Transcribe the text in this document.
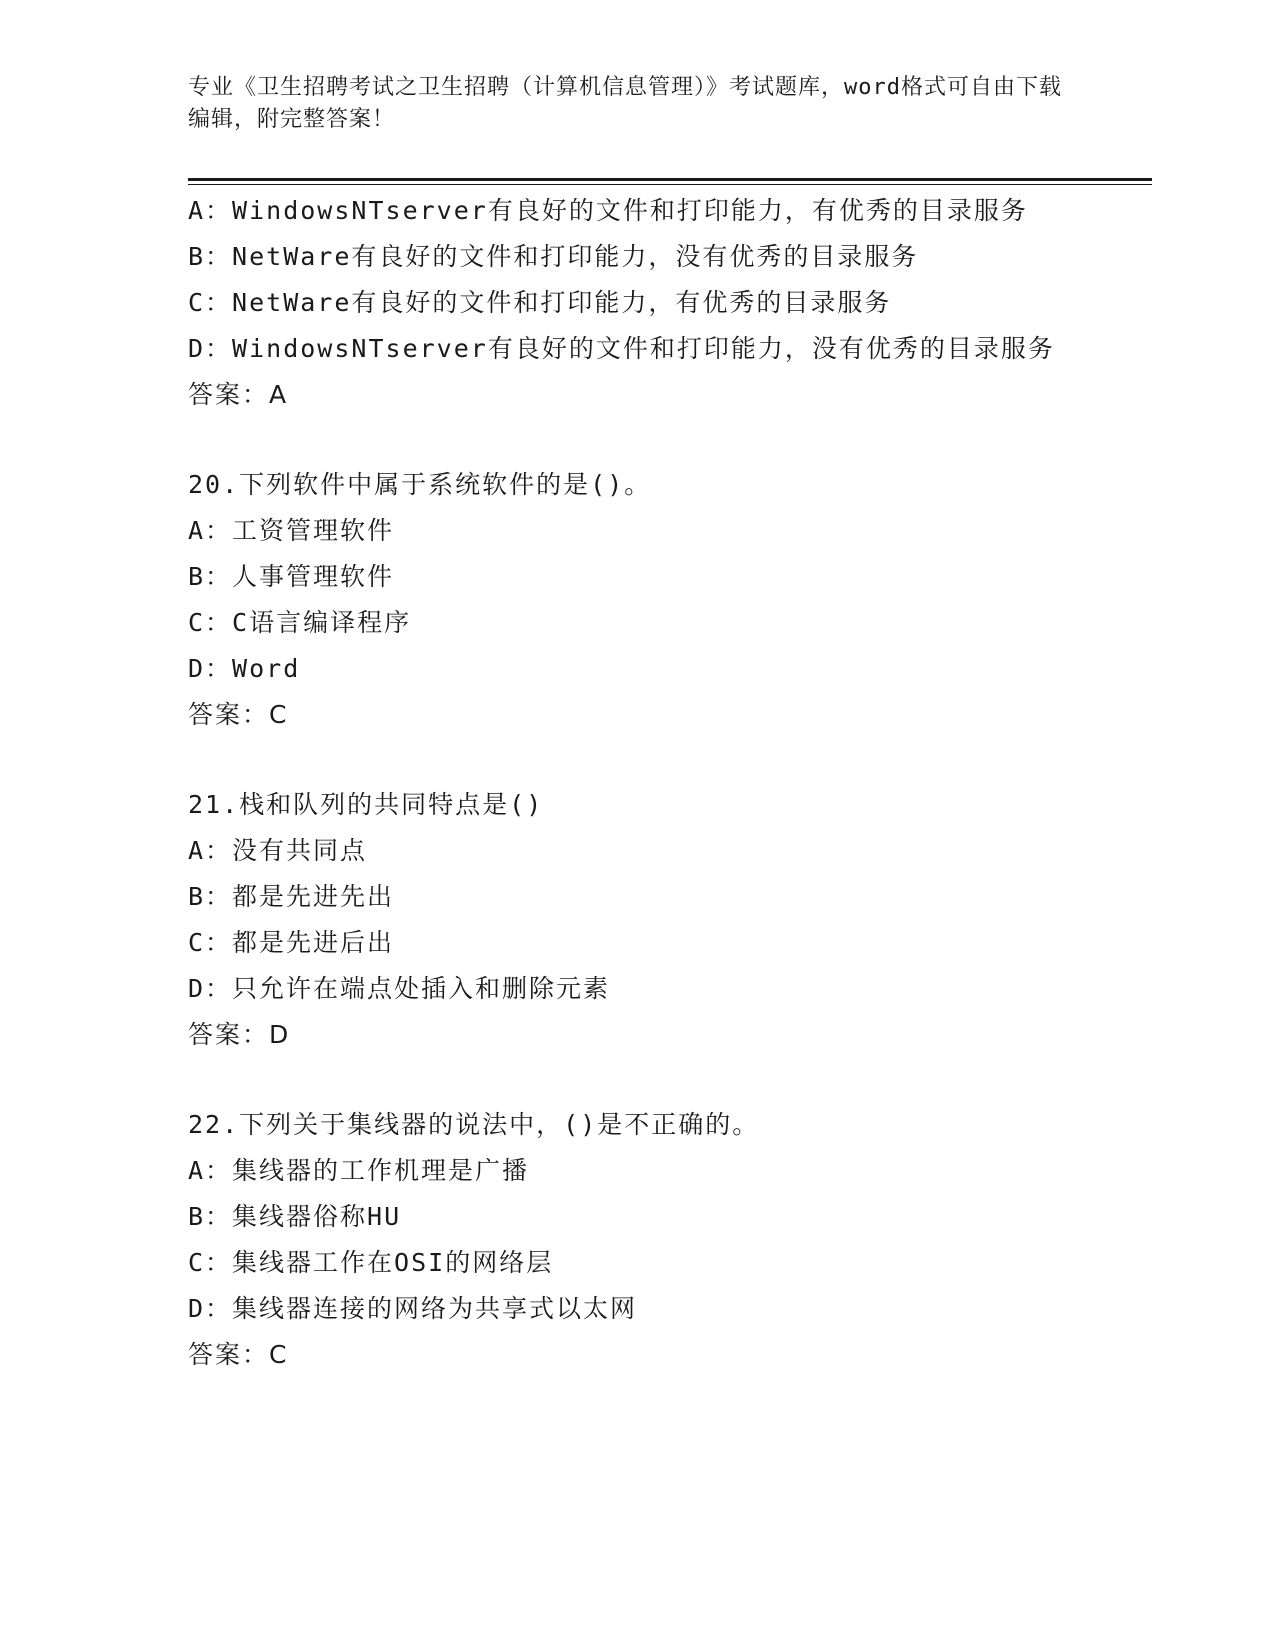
专业《卫生招聘考试之卫生招聘（计算机信息管理）》考试题库，word格式可自由下载编辑，附完整答案！
A：WindowsNTserver有良好的文件和打印能力，有优秀的目录服务
B：NetWare有良好的文件和打印能力，没有优秀的目录服务
C：NetWare有良好的文件和打印能力，有优秀的目录服务
D：WindowsNTserver有良好的文件和打印能力，没有优秀的目录服务
答案：A
20.下列软件中属于系统软件的是()。
A：工资管理软件
B：人事管理软件
C：C语言编译程序
D：Word
答案：C
21.栈和队列的共同特点是()
A：没有共同点
B：都是先进先出
C：都是先进后出
D：只允许在端点处插入和删除元素
答案：D
22.下列关于集线器的说法中，()是不正确的。
A：集线器的工作机理是广播
B：集线器俗称HU
C：集线器工作在OSI的网络层
D：集线器连接的网络为共享式以太网
答案：C
